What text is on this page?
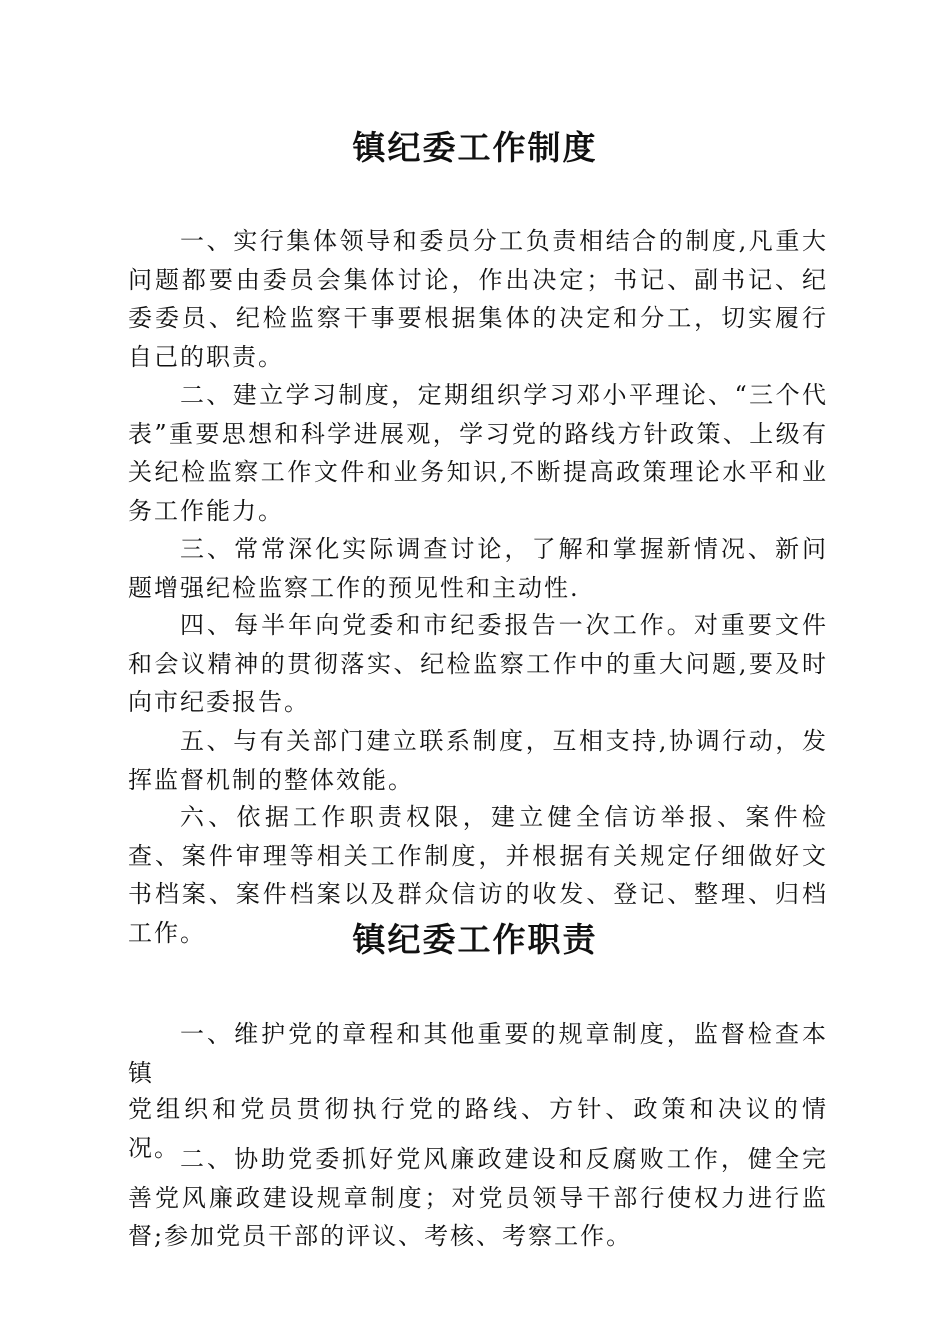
镇纪委工作制度

一、实行集体领导和委员分工负责相结合的制度,凡重大问题都要由委员会集体讨论，作出决定；书记、副书记、纪委委员、纪检监察干事要根据集体的决定和分工，切实履行自己的职责。

二、建立学习制度，定期组织学习邓小平理论、“三个代表”重要思想和科学进展观，学习党的路线方针政策、上级有关纪检监察工作文件和业务知识,不断提高政策理论水平和业务工作能力。

三、常常深化实际调查讨论，了解和掌握新情况、新问题增强纪检监察工作的预见性和主动性.

四、每半年向党委和市纪委报告一次工作。对重要文件和会议精神的贯彻落实、纪检监察工作中的重大问题,要及时向市纪委报告。

五、与有关部门建立联系制度，互相支持,协调行动，发挥监督机制的整体效能。

六、依据工作职责权限，建立健全信访举报、案件检查、案件审理等相关工作制度，并根据有关规定仔细做好文书档案、案件档案以及群众信访的收发、登记、整理、归档工作。	镇纪委工作职责

一、维护党的章程和其他重要的规章制度，监督检查本镇

党组织和党员贯彻执行党的路线、方针、政策和决议的情况。 二、协助党委抓好党风廉政建设和反腐败工作，健全完善党风廉政建设规章制度；对党员领导干部行使权力进行监督;参加党员干部的评议、考核、考察工作。
